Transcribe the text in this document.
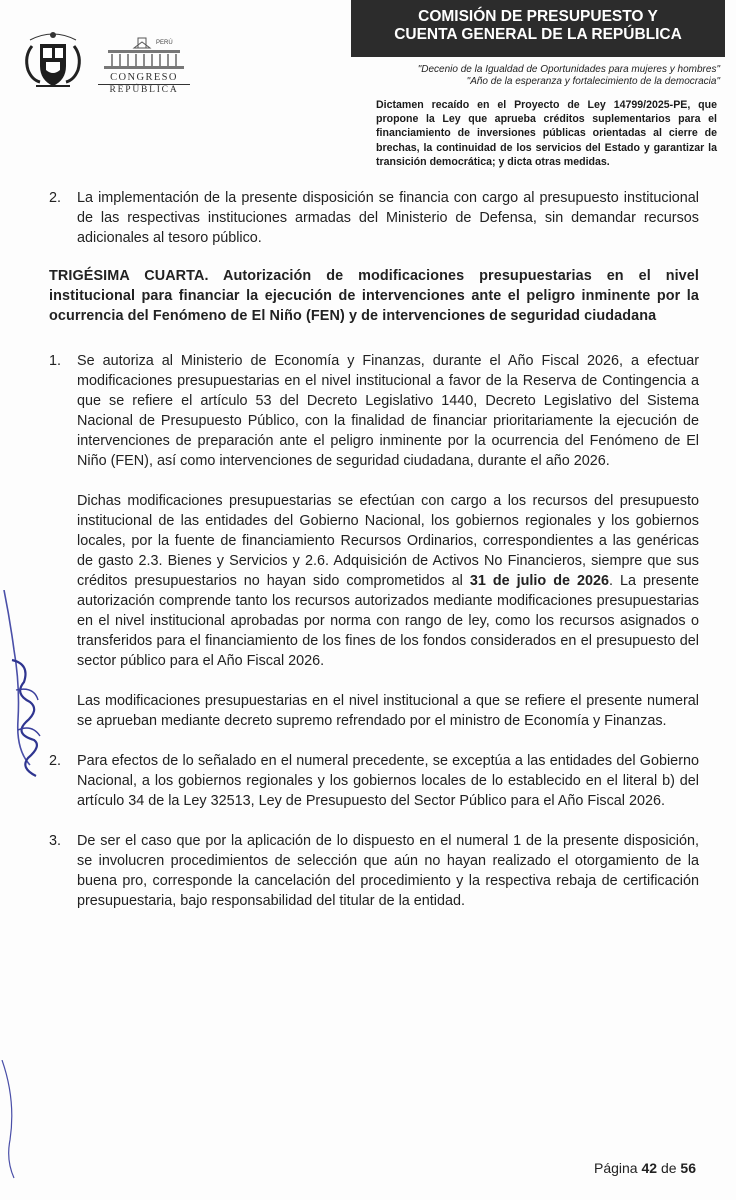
PERÚ
CONGRESO
REPÚBLICA
COMISIÓN DE PRESUPUESTO Y
CUENTA GENERAL DE LA REPÚBLICA
"Decenio de la Igualdad de Oportunidades para mujeres y hombres"
"Año de la esperanza y fortalecimiento de la democracia"
Dictamen recaído en el Proyecto de Ley 14799/2025-PE, que propone la Ley que aprueba créditos suplementarios para el financiamiento de inversiones públicas orientadas al cierre de brechas, la continuidad de los servicios del Estado y garantizar la transición democrática; y dicta otras medidas.
2. La implementación de la presente disposición se financia con cargo al presupuesto institucional de las respectivas instituciones armadas del Ministerio de Defensa, sin demandar recursos adicionales al tesoro público.
TRIGÉSIMA CUARTA. Autorización de modificaciones presupuestarias en el nivel institucional para financiar la ejecución de intervenciones ante el peligro inminente por la ocurrencia del Fenómeno de El Niño (FEN) y de intervenciones de seguridad ciudadana
1. Se autoriza al Ministerio de Economía y Finanzas, durante el Año Fiscal 2026, a efectuar modificaciones presupuestarias en el nivel institucional a favor de la Reserva de Contingencia a que se refiere el artículo 53 del Decreto Legislativo 1440, Decreto Legislativo del Sistema Nacional de Presupuesto Público, con la finalidad de financiar prioritariamente la ejecución de intervenciones de preparación ante el peligro inminente por la ocurrencia del Fenómeno de El Niño (FEN), así como intervenciones de seguridad ciudadana, durante el año 2026.
Dichas modificaciones presupuestarias se efectúan con cargo a los recursos del presupuesto institucional de las entidades del Gobierno Nacional, los gobiernos regionales y los gobiernos locales, por la fuente de financiamiento Recursos Ordinarios, correspondientes a las genéricas de gasto 2.3. Bienes y Servicios y 2.6. Adquisición de Activos No Financieros, siempre que sus créditos presupuestarios no hayan sido comprometidos al 31 de julio de 2026. La presente autorización comprende tanto los recursos autorizados mediante modificaciones presupuestarias en el nivel institucional aprobadas por norma con rango de ley, como los recursos asignados o transferidos para el financiamiento de los fines de los fondos considerados en el presupuesto del sector público para el Año Fiscal 2026.
Las modificaciones presupuestarias en el nivel institucional a que se refiere el presente numeral se aprueban mediante decreto supremo refrendado por el ministro de Economía y Finanzas.
2. Para efectos de lo señalado en el numeral precedente, se exceptúa a las entidades del Gobierno Nacional, a los gobiernos regionales y los gobiernos locales de lo establecido en el literal b) del artículo 34 de la Ley 32513, Ley de Presupuesto del Sector Público para el Año Fiscal 2026.
3. De ser el caso que por la aplicación de lo dispuesto en el numeral 1 de la presente disposición, se involucren procedimientos de selección que aún no hayan realizado el otorgamiento de la buena pro, corresponde la cancelación del procedimiento y la respectiva rebaja de certificación presupuestaria, bajo responsabilidad del titular de la entidad.
Página 42 de 56
